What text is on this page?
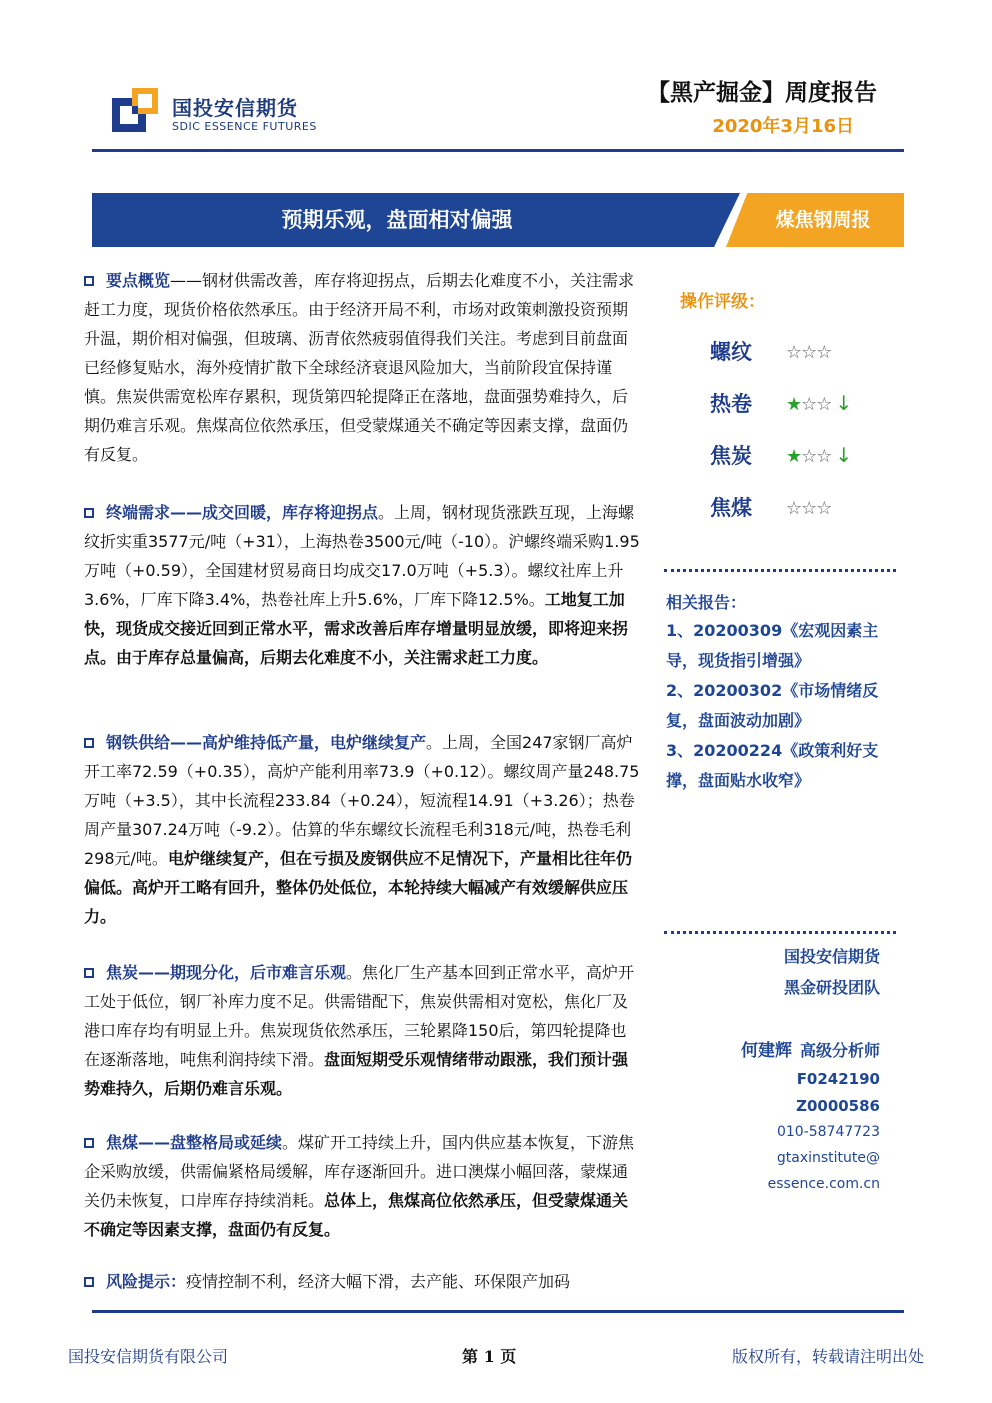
国投安信期货
SDIC ESSENCE FUTURES
【黑产掘金】周度报告
2020年3月16日
预期乐观，盘面相对偏强	煤焦钢周报

要点概览——钢材供需改善，库存将迎拐点，后期去化难度不小，关注需求赶工力度，现货价格依然承压。由于经济开局不利，市场对政策刺激投资预期升温，期价相对偏强，但玻璃、沥青依然疲弱值得我们关注。考虑到目前盘面已经修复贴水，海外疫情扩散下全球经济衰退风险加大，当前阶段宜保持谨慎。焦炭供需宽松库存累积，现货第四轮提降正在落地，盘面强势难持久，后期仍难言乐观。焦煤高位依然承压，但受蒙煤通关不确定等因素支撑，盘面仍有反复。

终端需求——成交回暖，库存将迎拐点。上周，钢材现货涨跌互现，上海螺纹折实重3577元/吨（+31），上海热卷3500元/吨（-10）。沪螺终端采购1.95万吨（+0.59），全国建材贸易商日均成交17.0万吨（+5.3）。螺纹社库上升3.6%，厂库下降3.4%，热卷社库上升5.6%，厂库下降12.5%。工地复工加快，现货成交接近回到正常水平，需求改善后库存增量明显放缓，即将迎来拐点。由于库存总量偏高，后期去化难度不小，关注需求赶工力度。

钢铁供给——高炉维持低产量，电炉继续复产。上周，全国247家钢厂高炉开工率72.59（+0.35），高炉产能利用率73.9（+0.12）。螺纹周产量248.75万吨（+3.5），其中长流程233.84（+0.24），短流程14.91（+3.26）；热卷周产量307.24万吨（-9.2）。估算的华东螺纹长流程毛利318元/吨，热卷毛利298元/吨。电炉继续复产，但在亏损及废钢供应不足情况下，产量相比往年仍偏低。高炉开工略有回升，整体仍处低位，本轮持续大幅减产有效缓解供应压力。

焦炭——期现分化，后市难言乐观。焦化厂生产基本回到正常水平，高炉开工处于低位，钢厂补库力度不足。供需错配下，焦炭供需相对宽松，焦化厂及港口库存均有明显上升。焦炭现货依然承压，三轮累降150后，第四轮提降也在逐渐落地，吨焦利润持续下滑。盘面短期受乐观情绪带动跟涨，我们预计强势难持久，后期仍难言乐观。

焦煤——盘整格局或延续。煤矿开工持续上升，国内供应基本恢复，下游焦企采购放缓，供需偏紧格局缓解，库存逐渐回升。进口澳煤小幅回落，蒙煤通关仍未恢复，口岸库存持续消耗。总体上，焦煤高位依然承压，但受蒙煤通关不确定等因素支撑，盘面仍有反复。

风险提示：疫情控制不利，经济大幅下滑，去产能、环保限产加码

操作评级：
螺纹 ☆☆☆
热卷 ★☆☆ ↓
焦炭 ★☆☆ ↓
焦煤 ☆☆☆
相关报告：
1、20200309《宏观因素主导，现货指引增强》
2、20200302《市场情绪反复，盘面波动加剧》
3、20200224《政策利好支撑，盘面贴水收窄》
国投安信期货
黑金研投团队
何建辉 高级分析师
F0242190
Z0000586
010-58747723
gtaxinstitute@
essence.com.cn
国投安信期货有限公司	第 1 页	版权所有，转载请注明出处
